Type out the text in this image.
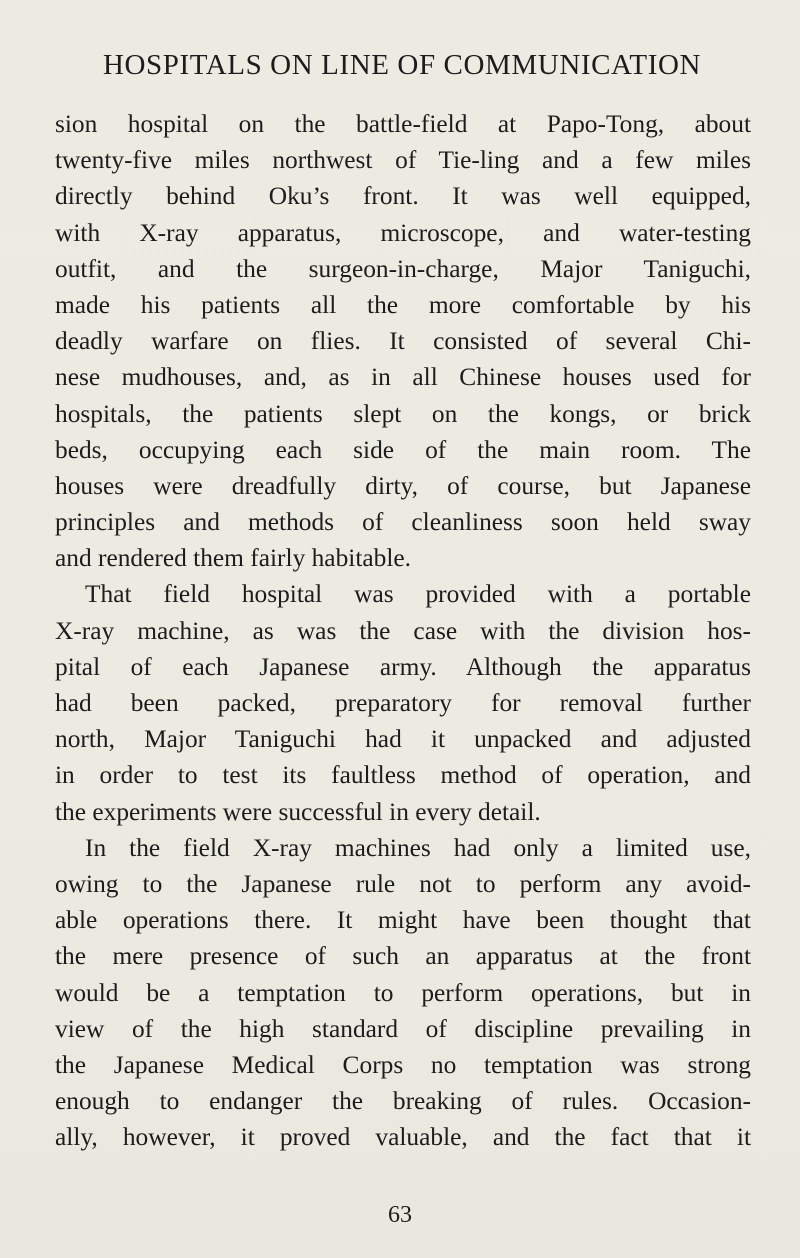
HOSPITALS ON LINE OF COMMUNICATION
sion hospital on the battle-field at Papo-Tong, about
twenty-five miles northwest of Tie-ling and a few miles
directly behind Oku’s front. It was well equipped,
with X-ray apparatus, microscope, and water-testing
outfit, and the surgeon-in-charge, Major Taniguchi,
made his patients all the more comfortable by his
deadly warfare on flies. It consisted of several Chi-
nese mudhouses, and, as in all Chinese houses used for
hospitals, the patients slept on the kongs, or brick
beds, occupying each side of the main room. The
houses were dreadfully dirty, of course, but Japanese
principles and methods of cleanliness soon held sway
and rendered them fairly habitable.
That field hospital was provided with a portable
X-ray machine, as was the case with the division hos-
pital of each Japanese army. Although the apparatus
had been packed, preparatory for removal further
north, Major Taniguchi had it unpacked and adjusted
in order to test its faultless method of operation, and
the experiments were successful in every detail.
In the field X-ray machines had only a limited use,
owing to the Japanese rule not to perform any avoid-
able operations there. It might have been thought that
the mere presence of such an apparatus at the front
would be a temptation to perform operations, but in
view of the high standard of discipline prevailing in
the Japanese Medical Corps no temptation was strong
enough to endanger the breaking of rules. Occasion-
ally, however, it proved valuable, and the fact that it
63
